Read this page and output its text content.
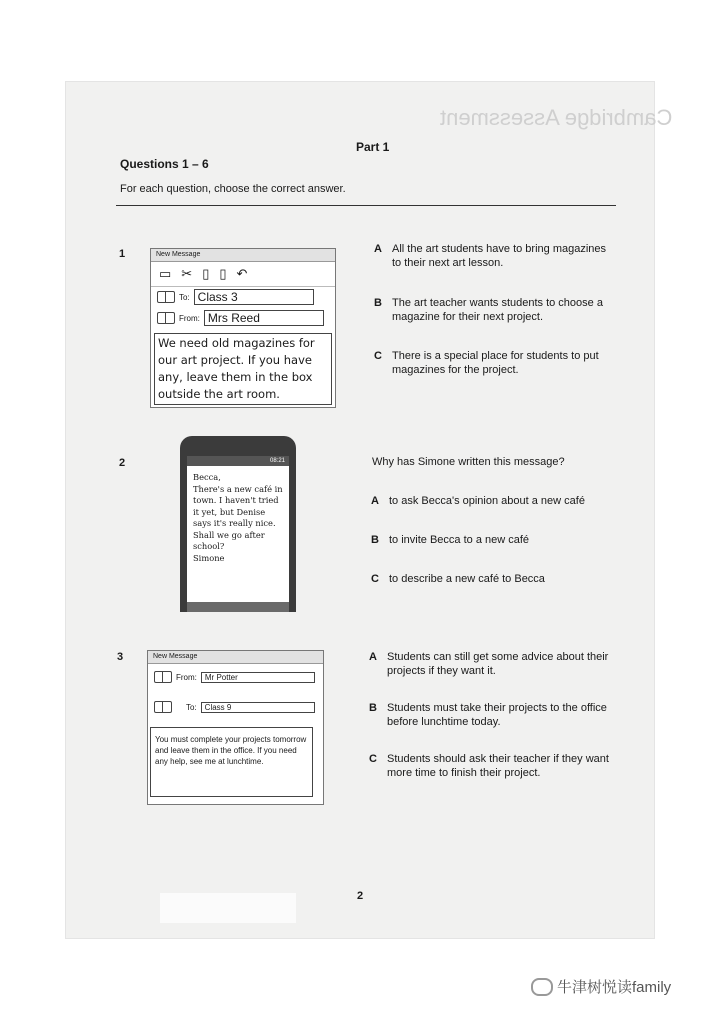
Cambridge Assessment
Part 1
Questions 1 – 6
For each question, choose the correct answer.
1	New Message
▭ ✂ ▯ ▯ ↶
To: Class 3
From: Mrs Reed
We need old magazines for our art project. If you have any, leave them in the box outside the art room.
A All the art students have to bring magazines to their next art lesson.
B The art teacher wants students to choose a magazine for their next project.
C There is a special place for students to put magazines for the project.
2	08:21
Becca,
There's a new café in town. I haven't tried it yet, but Denise says it's really nice. Shall we go after school?
Simone
Why has Simone written this message?
A to ask Becca's opinion about a new café
B to invite Becca to a new café
C to describe a new café to Becca
3	New Message
From:	Mr Potter
To:	Class 9
You must complete your projects tomorrow and leave them in the office. If you need any help, see me at lunchtime.
A Students can still get some advice about their projects if they want it.
B Students must take their projects to the office before lunchtime today.
C Students should ask their teacher if they want more time to finish their project.
2
牛津树悦读family
